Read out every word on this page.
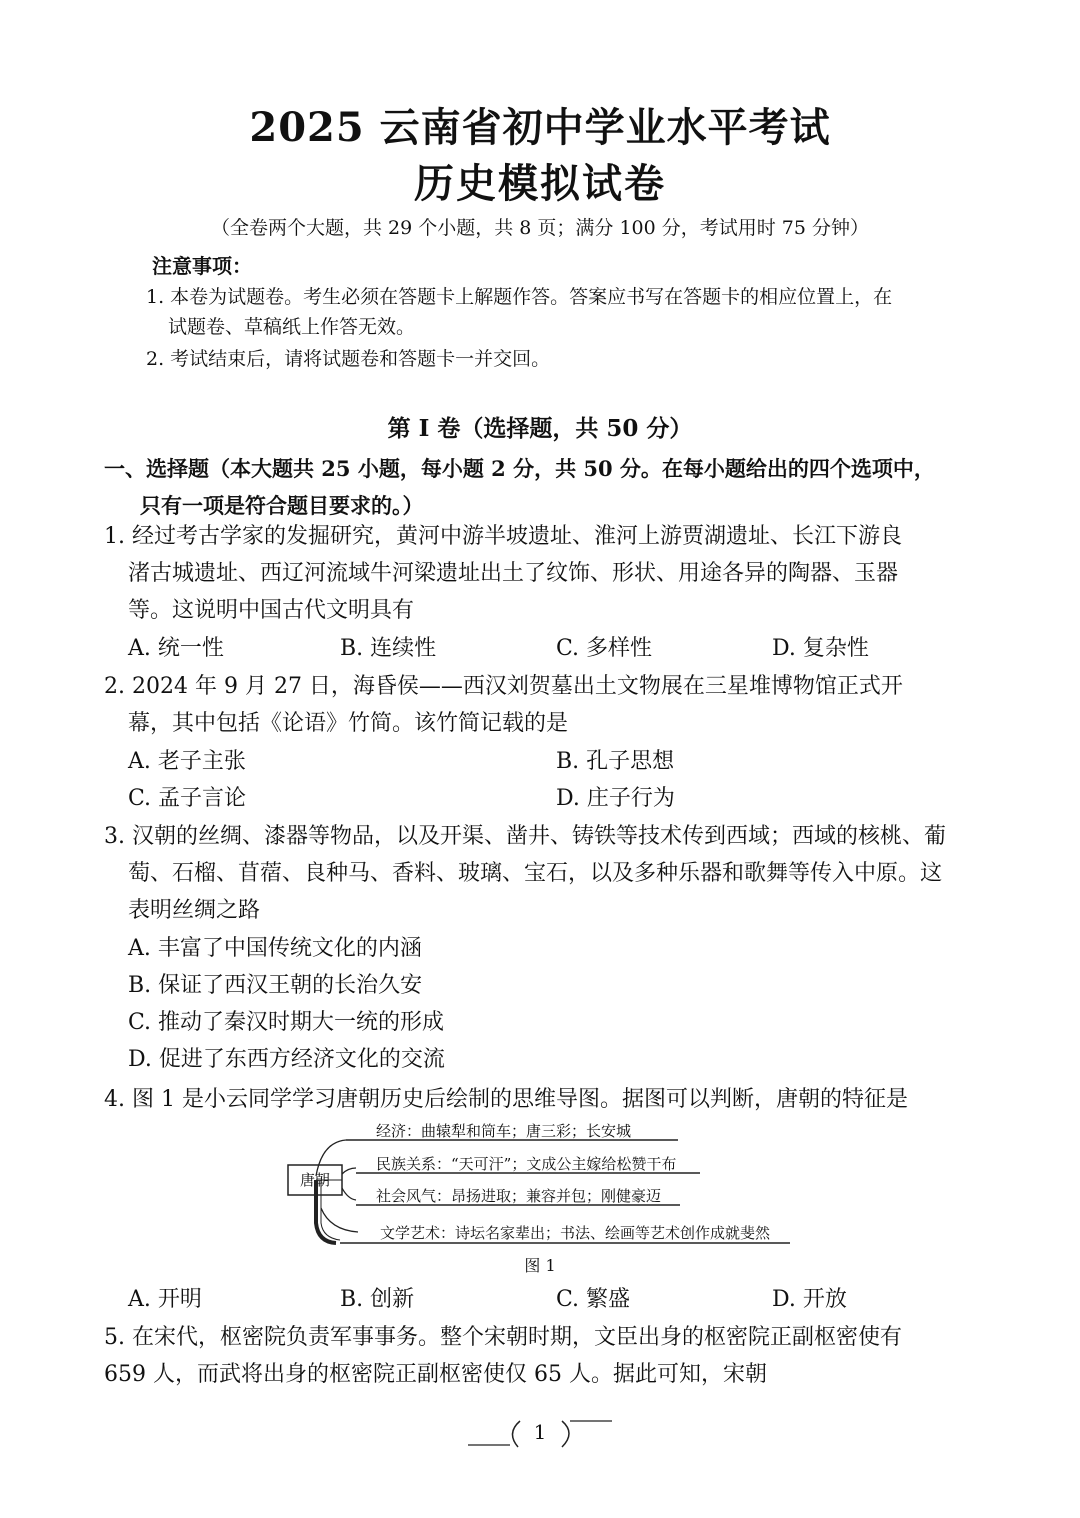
2025 云南省初中学业水平考试
历史模拟试卷
（全卷两个大题，共 29 个小题，共 8 页；满分 100 分，考试用时 75 分钟）
注意事项：
1. 本卷为试题卷。考生必须在答题卡上解题作答。答案应书写在答题卡的相应位置上，在
试题卷、草稿纸上作答无效。
2. 考试结束后，请将试题卷和答题卡一并交回。
第 Ⅰ 卷（选择题，共 50 分）
一、选择题（本大题共 25 小题，每小题 2 分，共 50 分。在每小题给出的四个选项中，
只有一项是符合题目要求的。）
1. 经过考古学家的发掘研究，黄河中游半坡遗址、淮河上游贾湖遗址、长江下游良
渚古城遗址、西辽河流域牛河梁遗址出土了纹饰、形状、用途各异的陶器、玉器
等。这说明中国古代文明具有
A. 统一性	B. 连续性	C. 多样性	D. 复杂性
2. 2024 年 9 月 27 日，海昏侯——西汉刘贺墓出土文物展在三星堆博物馆正式开
幕，其中包括《论语》竹简。该竹简记载的是
A. 老子主张	B. 孔子思想
C. 孟子言论	D. 庄子行为
3. 汉朝的丝绸、漆器等物品，以及开渠、凿井、铸铁等技术传到西域；西域的核桃、葡
萄、石榴、苜蓿、良种马、香料、玻璃、宝石，以及多种乐器和歌舞等传入中原。这
表明丝绸之路
A. 丰富了中国传统文化的内涵
B. 保证了西汉王朝的长治久安
C. 推动了秦汉时期大一统的形成
D. 促进了东西方经济文化的交流
4. 图 1 是小云同学学习唐朝历史后绘制的思维导图。据图可以判断，唐朝的特征是
唐朝
经济：曲辕犁和筒车；唐三彩；长安城
民族关系：“天可汗”；文成公主嫁给松赞干布
社会风气：昂扬进取；兼容并包；刚健豪迈
文学艺术：诗坛名家辈出；书法、绘画等艺术创作成就斐然
图 1
A. 开明	B. 创新	C. 繁盛	D. 开放
5. 在宋代，枢密院负责军事事务。整个宋朝时期，文臣出身的枢密院正副枢密使有
659 人，而武将出身的枢密院正副枢密使仅 65 人。据此可知，宋朝
1
